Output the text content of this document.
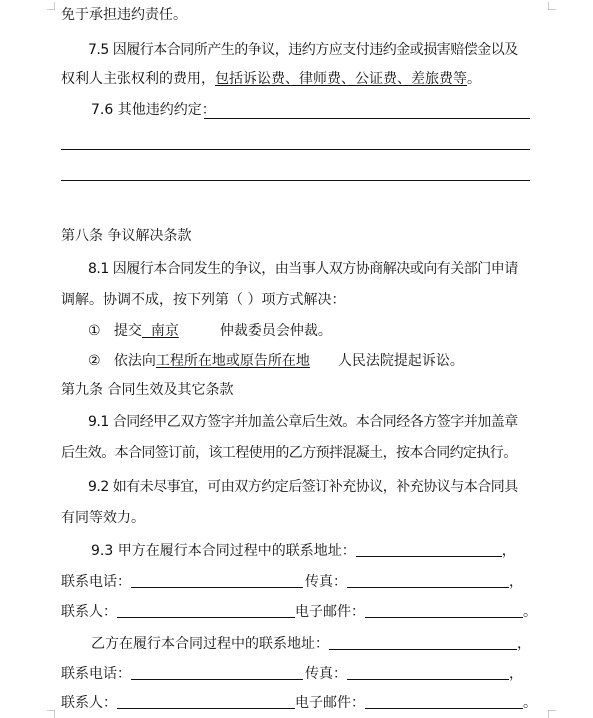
免于承担违约责任。
7.5 因履行本合同所产生的争议，违约方应支付违约金或损害赔偿金以及
权利人主张权利的费用，包括诉讼费、律师费、公证费、差旅费等。
7.6 其他违约约定：
第八条 争议解决条款
8.1 因履行本合同发生的争议，由当事人双方协商解决或向有关部门申请
调解。协调不成，按下列第（ ）项方式解决：
① 提交  南京	仲裁委员会仲裁。
② 依法向工程所在地或原告所在地 人民法院提起诉讼。
第九条 合同生效及其它条款
9.1 合同经甲乙双方签字并加盖公章后生效。本合同经各方签字并加盖章
后生效。本合同签订前，该工程使用的乙方预拌混凝土，按本合同约定执行。
9.2 如有未尽事宜，可由双方约定后签订补充协议，补充协议与本合同具
有同等效力。
9.3 甲方在履行本合同过程中的联系地址：	，
联系电话：	传真：	，
联系人：	电子邮件：	。
乙方在履行本合同过程中的联系地址：	，
联系电话：	传真：	，
联系人：	电子邮件：	。
